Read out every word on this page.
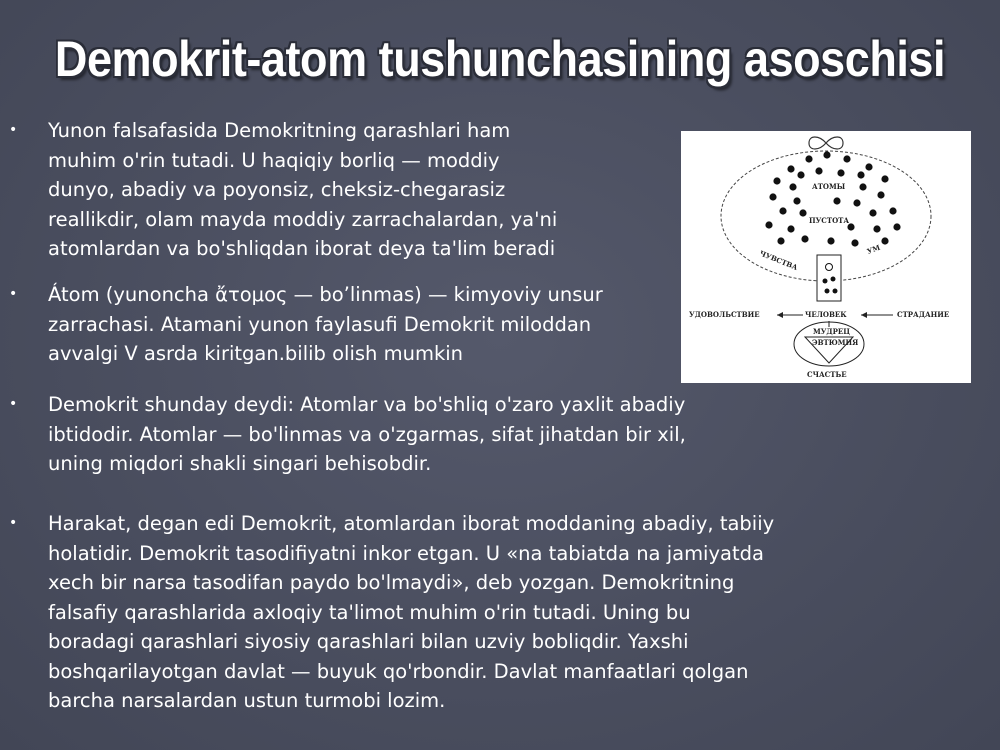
Demokrit-atom tushunchasining asoschisi
• Yunon falsafasida Demokritning qarashlari ham
muhim o'rin tutadi. U haqiqiy borliq — moddiy
dunyo, abadiy va poyonsiz, cheksiz-chegarasiz
reallikdir, olam mayda moddiy zarrachalardan, ya'ni
atomlardan va bo'shliqdan iborat deya ta'lim beradi
• Átom (yunoncha ἄτομος — bo’linmas) — kimyoviy unsur
zarrachasi. Atamani yunon faylasufi Demokrit miloddan
avvalgi V asrda kiritgan.bilib olish mumkin
• Demokrit shunday deydi: Atomlar va bo'shliq o'zaro yaxlit abadiy
ibtidodir. Atomlar — bo'linmas va o'zgarmas, sifat jihatdan bir xil,
uning miqdori shakli singari behisobdir.
• Harakat, degan edi Demokrit, atomlardan iborat moddaning abadiy, tabiiy
holatidir. Demokrit tasodifiyatni inkor etgan. U «na tabiatda na jamiyatda
xech bir narsa tasodifan paydo bo'lmaydi», deb yozgan. Demokritning
falsafiy qarashlarida axloqiy ta'limot muhim o'rin tutadi. Uning bu
boradagi qarashlari siyosiy qarashlari bilan uzviy bobliqdir. Yaxshi
boshqarilayotgan davlat — buyuk qo'rbondir. Davlat manfaatlari qolgan
barcha narsalardan ustun turmobi lozim.
АТОМЫ
ПУСТОТА
УМ
ЧУВСТВА
УДОВОЛЬСТВИЕ	ЧЕЛОВЕК	СТРАДАНИЕ
МУДРЕЦ
ЭВТЮМИЯ
СЧАСТЬЕ
